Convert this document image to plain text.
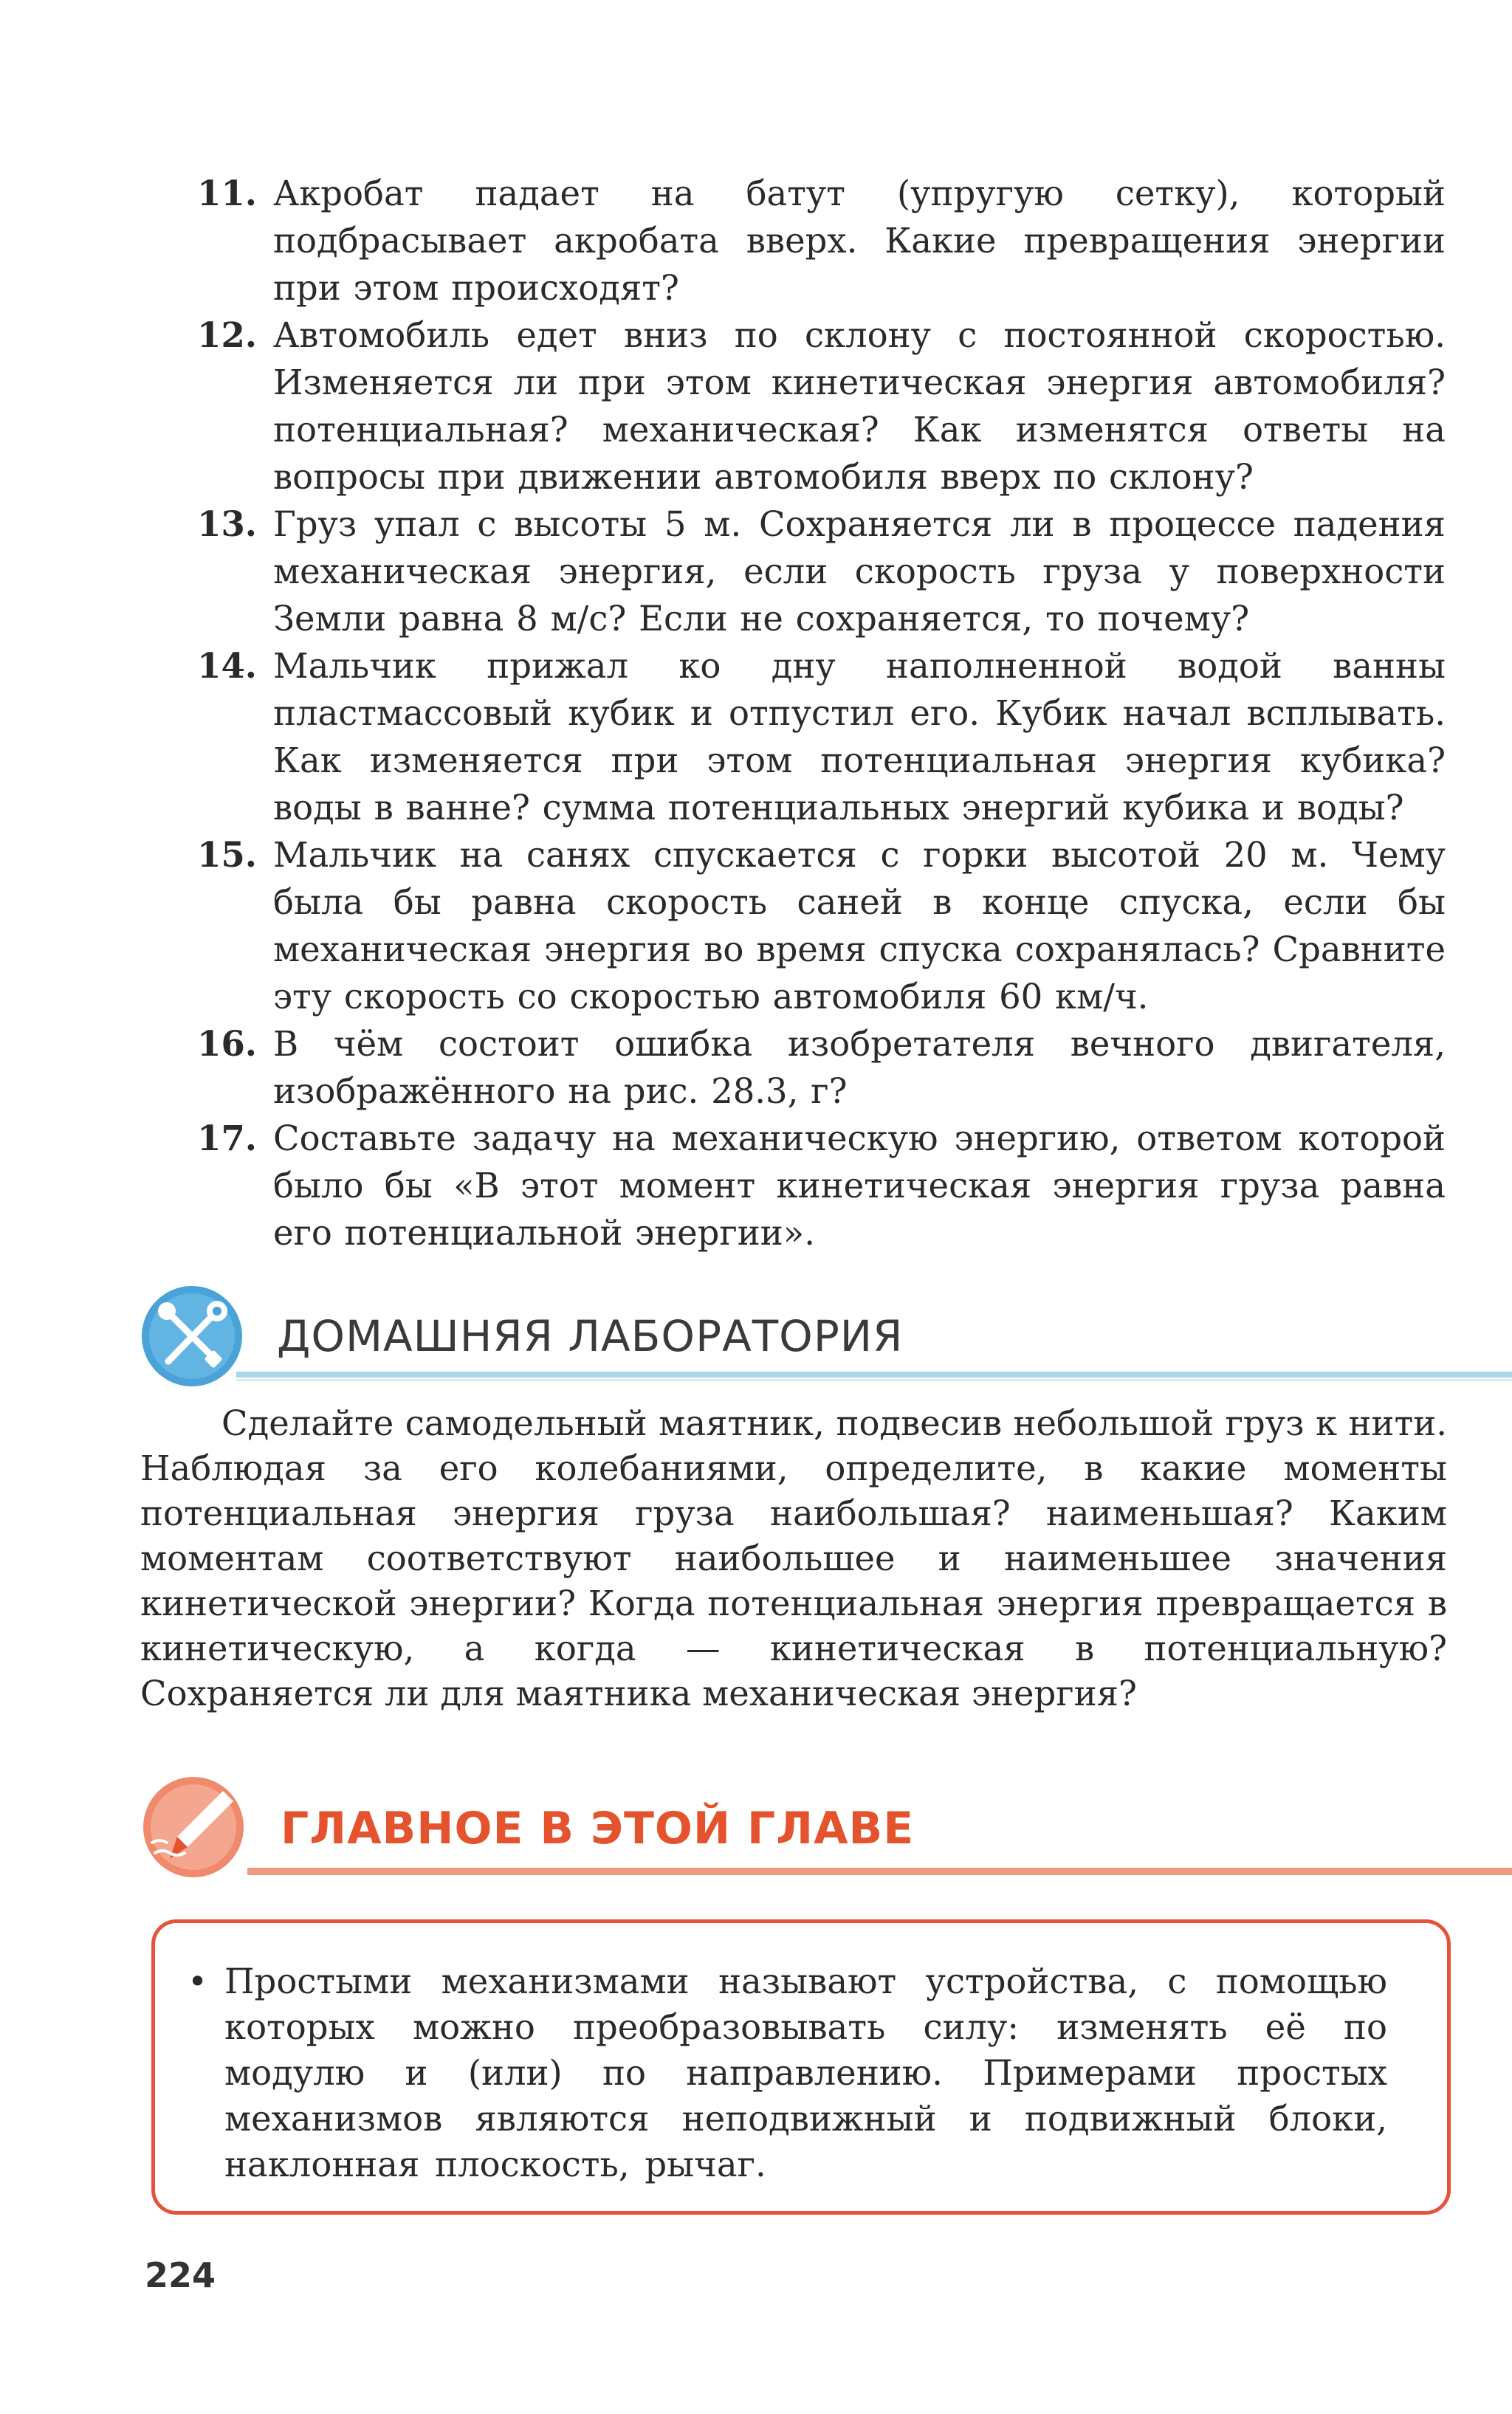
11. Акробат падает на батут (упругую сетку), который подбрасывает акробата вверх. Какие превращения энергии при этом происходят?
12. Автомобиль едет вниз по склону с постоянной скоростью. Изменяется ли при этом кинетическая энергия автомобиля? потенциальная? механическая? Как изменятся ответы на вопросы при движении автомобиля вверх по склону?
13. Груз упал с высоты 5 м. Сохраняется ли в процессе падения механическая энергия, если скорость груза у поверхности Земли равна 8 м/с? Если не сохраняется, то почему?
14. Мальчик прижал ко дну наполненной водой ванны пластмассовый кубик и отпустил его. Кубик начал всплывать. Как изменяется при этом потенциальная энергия кубика? воды в ванне? сумма потенциальных энергий кубика и воды?
15. Мальчик на санях спускается с горки высотой 20 м. Чему была бы равна скорость саней в конце спуска, если бы механическая энергия во время спуска сохранялась? Сравните эту скорость со скоростью автомобиля 60 км/ч.
16. В чём состоит ошибка изобретателя вечного двигателя, изображённого на рис. 28.3, г?
17. Составьте задачу на механическую энергию, ответом которой было бы «В этот момент кинетическая энергия груза равна его потенциальной энергии».
ДОМАШНЯЯ ЛАБОРАТОРИЯ
Сделайте самодельный маятник, подвесив небольшой груз к нити. Наблюдая за его колебаниями, определите, в какие моменты потенциальная энергия груза наибольшая? наименьшая? Каким моментам соответствуют наибольшее и наименьшее значения кинетической энергии? Когда потенциальная энергия превращается в кинетическую, а когда — кинетическая в потенциальную? Сохраняется ли для маятника механическая энергия?
ГЛАВНОЕ В ЭТОЙ ГЛАВЕ
• Простыми механизмами называют устройства, с помощью которых можно преобразовывать силу: изменять её по модулю и (или) по направлению. Примерами простых механизмов являются неподвижный и подвижный блоки, наклонная плоскость, рычаг.
224
